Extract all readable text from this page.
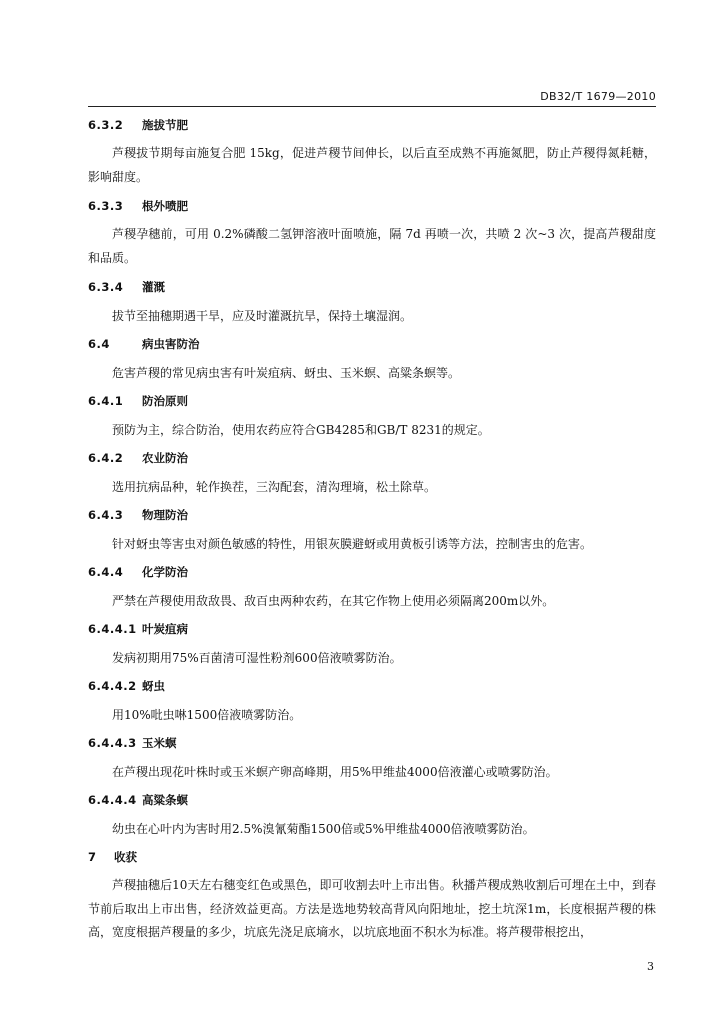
DB32/T 1679—2010
6.3.2 施拔节肥

芦稷拔节期每亩施复合肥 15kg，促进芦稷节间伸长，以后直至成熟不再施氮肥，防止芦稷得氮耗糖，影响甜度。

6.3.3 根外喷肥

芦稷孕穗前，可用 0.2%磷酸二氢钾溶液叶面喷施，隔 7d 再喷一次，共喷 2 次~3 次，提高芦稷甜度和品质。

6.3.4 灌溉

拔节至抽穗期遇干旱，应及时灌溉抗旱，保持土壤湿润。

6.4	病虫害防治

危害芦稷的常见病虫害有叶炭疽病、蚜虫、玉米螟、高粱条螟等。

6.4.1 防治原则

预防为主，综合防治，使用农药应符合GB4285和GB/T 8231的规定。

6.4.2 农业防治

选用抗病品种，轮作换茬，三沟配套，清沟理墒，松土除草。

6.4.3 物理防治

针对蚜虫等害虫对颜色敏感的特性，用银灰膜避蚜或用黄板引诱等方法，控制害虫的危害。

6.4.4 化学防治

严禁在芦稷使用敌敌畏、敌百虫两种农药，在其它作物上使用必须隔离200m以外。

6.4.4.1 叶炭疽病

发病初期用75%百菌清可湿性粉剂600倍液喷雾防治。

6.4.4.2 蚜虫

用10%吡虫啉1500倍液喷雾防治。

6.4.4.3 玉米螟

在芦稷出现花叶株时或玉米螟产卵高峰期，用5%甲维盐4000倍液灌心或喷雾防治。

6.4.4.4 高粱条螟

幼虫在心叶内为害时用2.5%溴氰菊酯1500倍或5%甲维盐4000倍液喷雾防治。

7 收获

芦稷抽穗后10天左右穗变红色或黑色，即可收割去叶上市出售。秋播芦稷成熟收割后可埋在土中，到春节前后取出上市出售，经济效益更高。方法是选地势较高背风向阳地址，挖土坑深1m，长度根据芦稷的株高，宽度根据芦稷量的多少，坑底先浇足底墒水，以坑底地面不积水为标准。将芦稷带根挖出，

3
